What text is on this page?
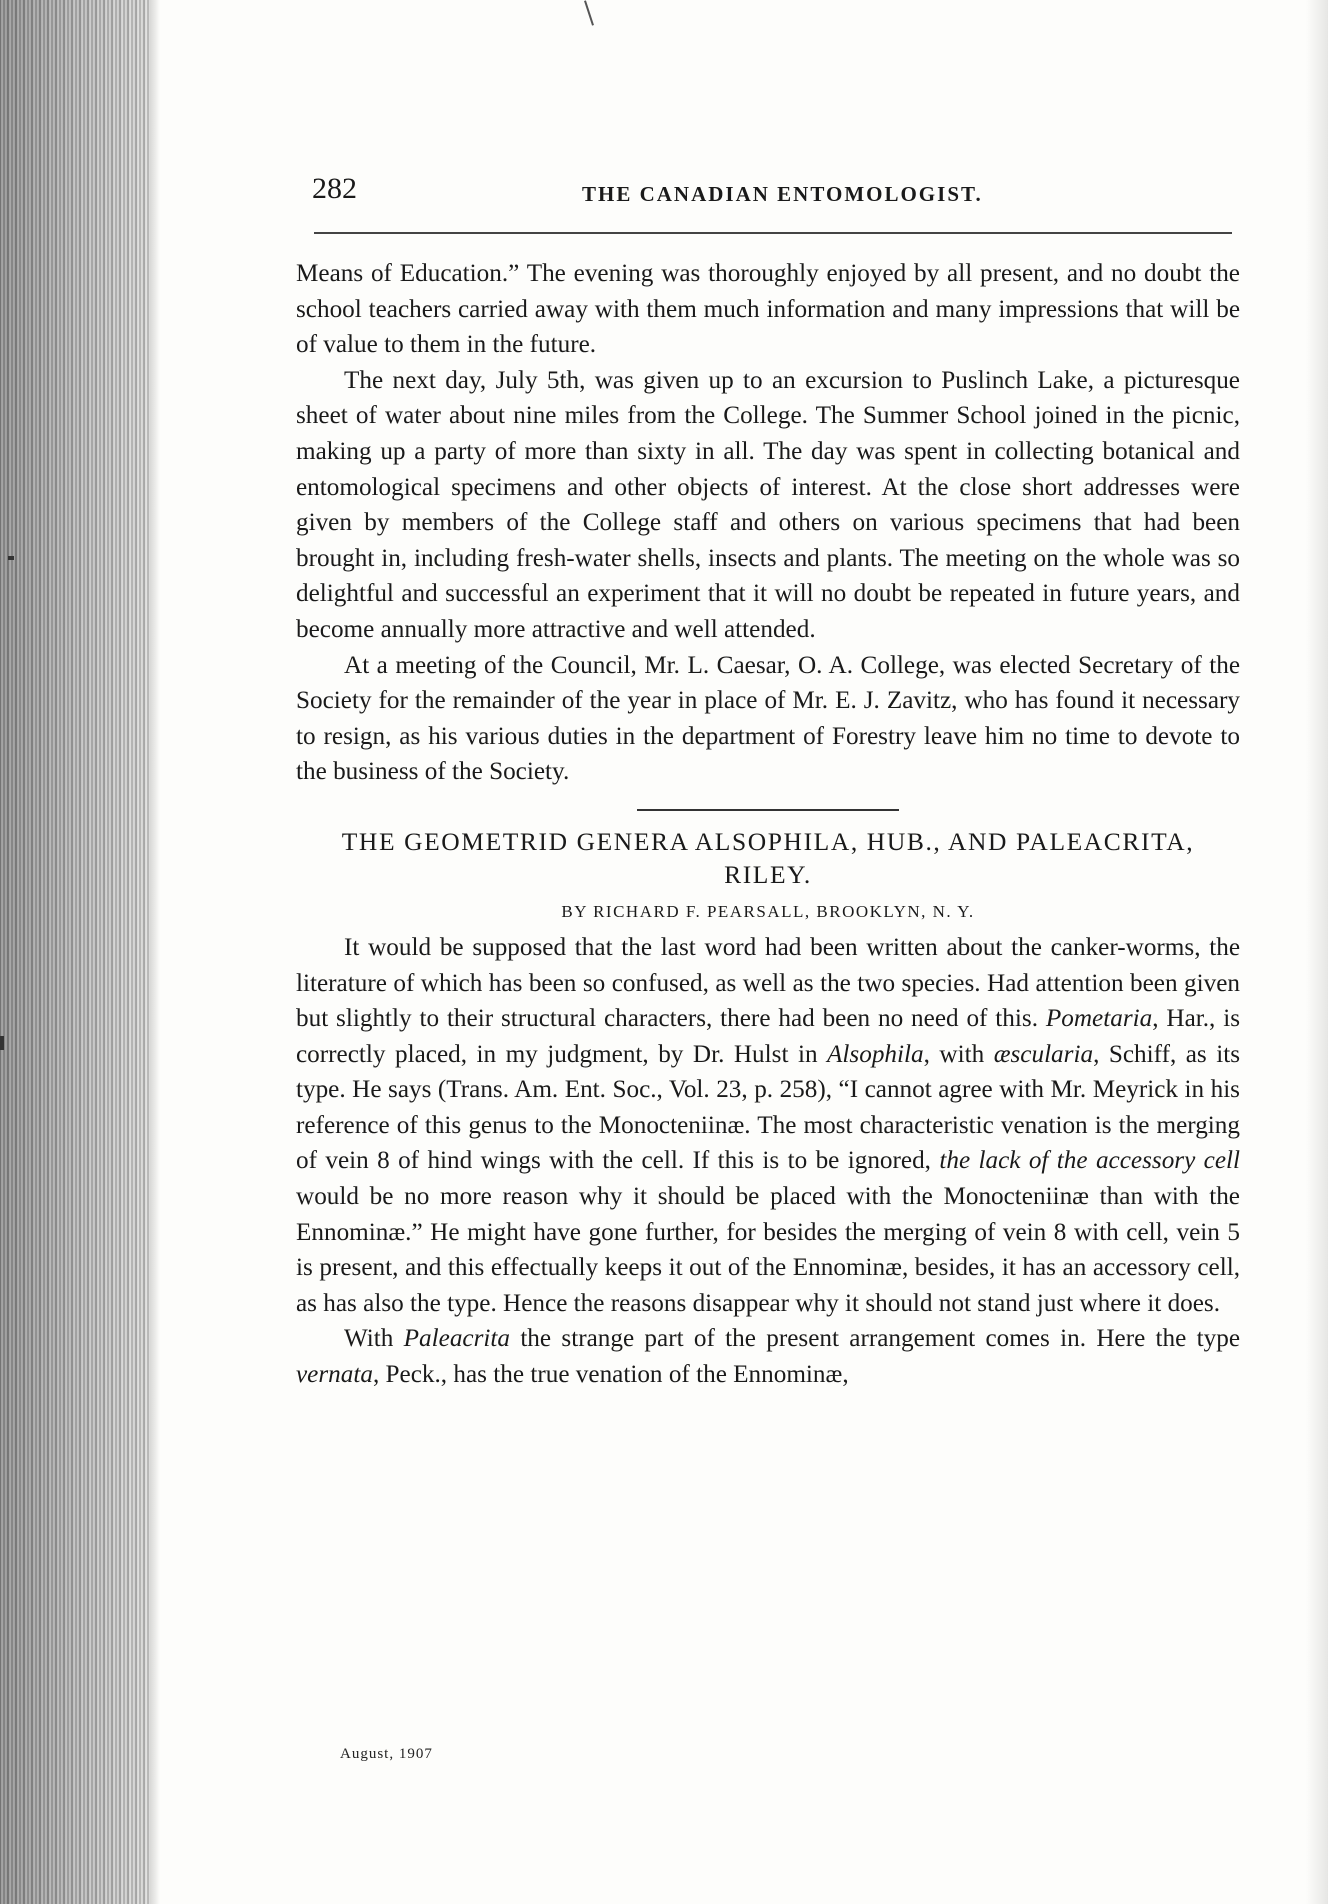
282	THE CANADIAN ENTOMOLOGIST.

Means of Education.” The evening was thoroughly enjoyed by all present, and no doubt the school teachers carried away with them much information and many impressions that will be of value to them in the future.

The next day, July 5th, was given up to an excursion to Puslinch Lake, a picturesque sheet of water about nine miles from the College. The Summer School joined in the picnic, making up a party of more than sixty in all. The day was spent in collecting botanical and entomological specimens and other objects of interest. At the close short addresses were given by members of the College staff and others on various specimens that had been brought in, including fresh-water shells, insects and plants. The meeting on the whole was so delightful and successful an experiment that it will no doubt be repeated in future years, and become annually more attractive and well attended.

At a meeting of the Council, Mr. L. Caesar, O. A. College, was elected Secretary of the Society for the remainder of the year in place of Mr. E. J. Zavitz, who has found it necessary to resign, as his various duties in the department of Forestry leave him no time to devote to the business of the Society.

THE GEOMETRID GENERA ALSOPHILA, HUB., AND PALEACRITA, RILEY.
BY RICHARD F. PEARSALL, BROOKLYN, N. Y.

It would be supposed that the last word had been written about the canker-worms, the literature of which has been so confused, as well as the two species. Had attention been given but slightly to their structural characters, there had been no need of this. Pometaria, Har., is correctly placed, in my judgment, by Dr. Hulst in Alsophila, with æscularia, Schiff, as its type. He says (Trans. Am. Ent. Soc., Vol. 23, p. 258), “I cannot agree with Mr. Meyrick in his reference of this genus to the Monocteniinæ. The most characteristic venation is the merging of vein 8 of hind wings with the cell. If this is to be ignored, the lack of the accessory cell would be no more reason why it should be placed with the Monocteniinæ than with the Ennominæ.” He might have gone further, for besides the merging of vein 8 with cell, vein 5 is present, and this effectually keeps it out of the Ennominæ, besides, it has an accessory cell, as has also the type. Hence the reasons disappear why it should not stand just where it does.

With Paleacrita the strange part of the present arrangement comes in. Here the type vernata, Peck., has the true venation of the Ennominæ,

August, 1907
